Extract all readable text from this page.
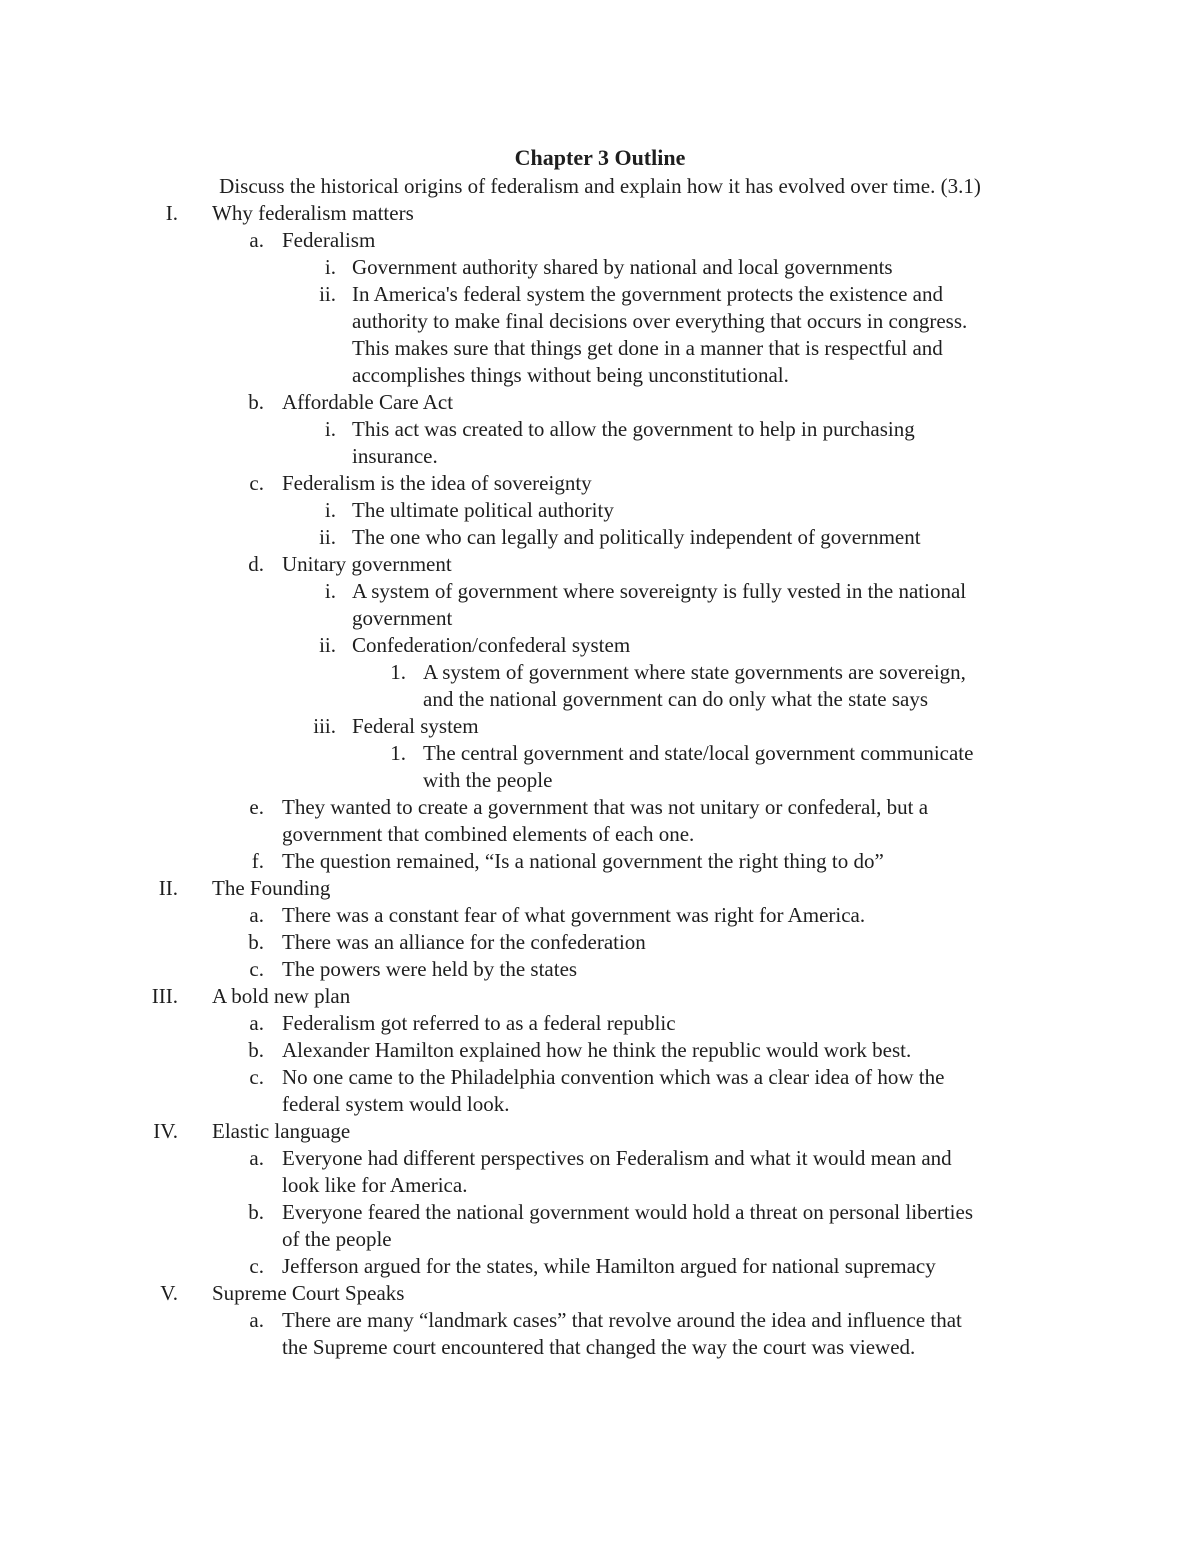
Chapter 3 Outline

Discuss the historical origins of federalism and explain how it has evolved over time. (3.1)

I. Why federalism matters
a. Federalism
i. Government authority shared by national and local governments
ii. In America's federal system the government protects the existence and
authority to make final decisions over everything that occurs in congress.
This makes sure that things get done in a manner that is respectful and
accomplishes things without being unconstitutional.
b. Affordable Care Act
i. This act was created to allow the government to help in purchasing
insurance.
c. Federalism is the idea of sovereignty
i. The ultimate political authority
ii. The one who can legally and politically independent of government
d. Unitary government
i. A system of government where sovereignty is fully vested in the national
government
ii. Confederation/confederal system
1. A system of government where state governments are sovereign,
and the national government can do only what the state says
iii. Federal system
1. The central government and state/local government communicate
with the people
e. They wanted to create a government that was not unitary or confederal, but a
government that combined elements of each one.
f. The question remained, “Is a national government the right thing to do”
II. The Founding
a. There was a constant fear of what government was right for America.
b. There was an alliance for the confederation
c. The powers were held by the states
III. A bold new plan
a. Federalism got referred to as a federal republic
b. Alexander Hamilton explained how he think the republic would work best.
c. No one came to the Philadelphia convention which was a clear idea of how the
federal system would look.
IV. Elastic language
a. Everyone had different perspectives on Federalism and what it would mean and
look like for America.
b. Everyone feared the national government would hold a threat on personal liberties
of the people
c. Jefferson argued for the states, while Hamilton argued for national supremacy
V. Supreme Court Speaks
a. There are many “landmark cases” that revolve around the idea and influence that
the Supreme court encountered that changed the way the court was viewed.
